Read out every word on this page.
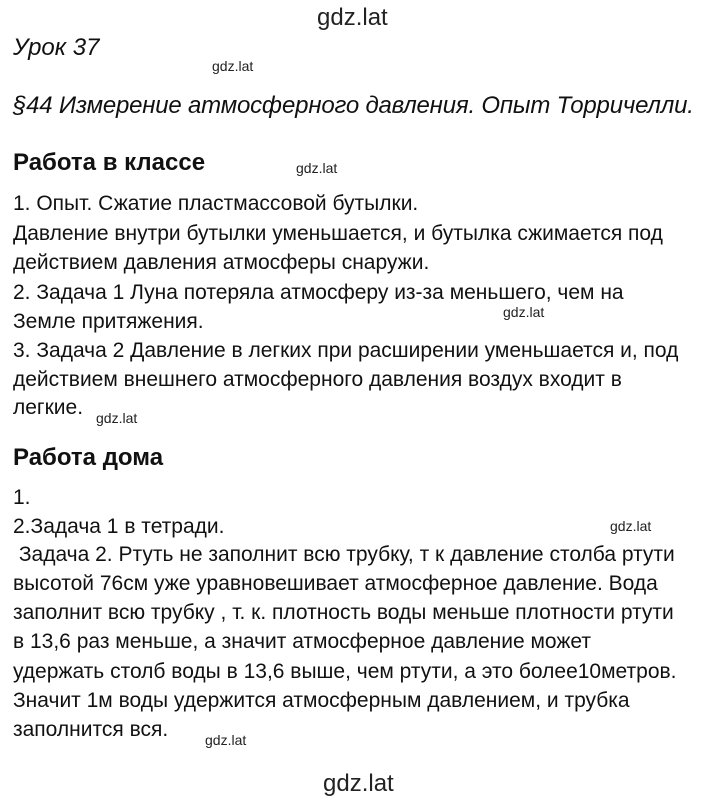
gdz.lat
gdz.lat
gdz.lat
gdz.lat
gdz.lat
gdz.lat
gdz.lat
gdz.lat
Урок 37
§44 Измерение атмосферного давления. Опыт Торричелли.
Работа в классе
1. Опыт. Сжатие пластмассовой бутылки.
Давление внутри бутылки уменьшается, и бутылка сжимается под
действием давления атмосферы снаружи.
2. Задача 1 Луна потеряла атмосферу из-за меньшего, чем на
Земле притяжения.
3. Задача 2 Давление в легких при расширении уменьшается и, под
действием внешнего атмосферного давления воздух входит в
легкие.
Работа дома
1.
2.Задача 1 в тетради.
Задача 2. Ртуть не заполнит всю трубку, т к давление столба ртути
высотой 76см уже уравновешивает атмосферное давление. Вода
заполнит всю трубку , т. к. плотность воды меньше плотности ртути
в 13,6 раз меньше, а значит атмосферное давление может
удержать столб воды в 13,6 выше, чем ртути, а это более10метров.
Значит 1м воды удержится атмосферным давлением, и трубка
заполнится вся.
